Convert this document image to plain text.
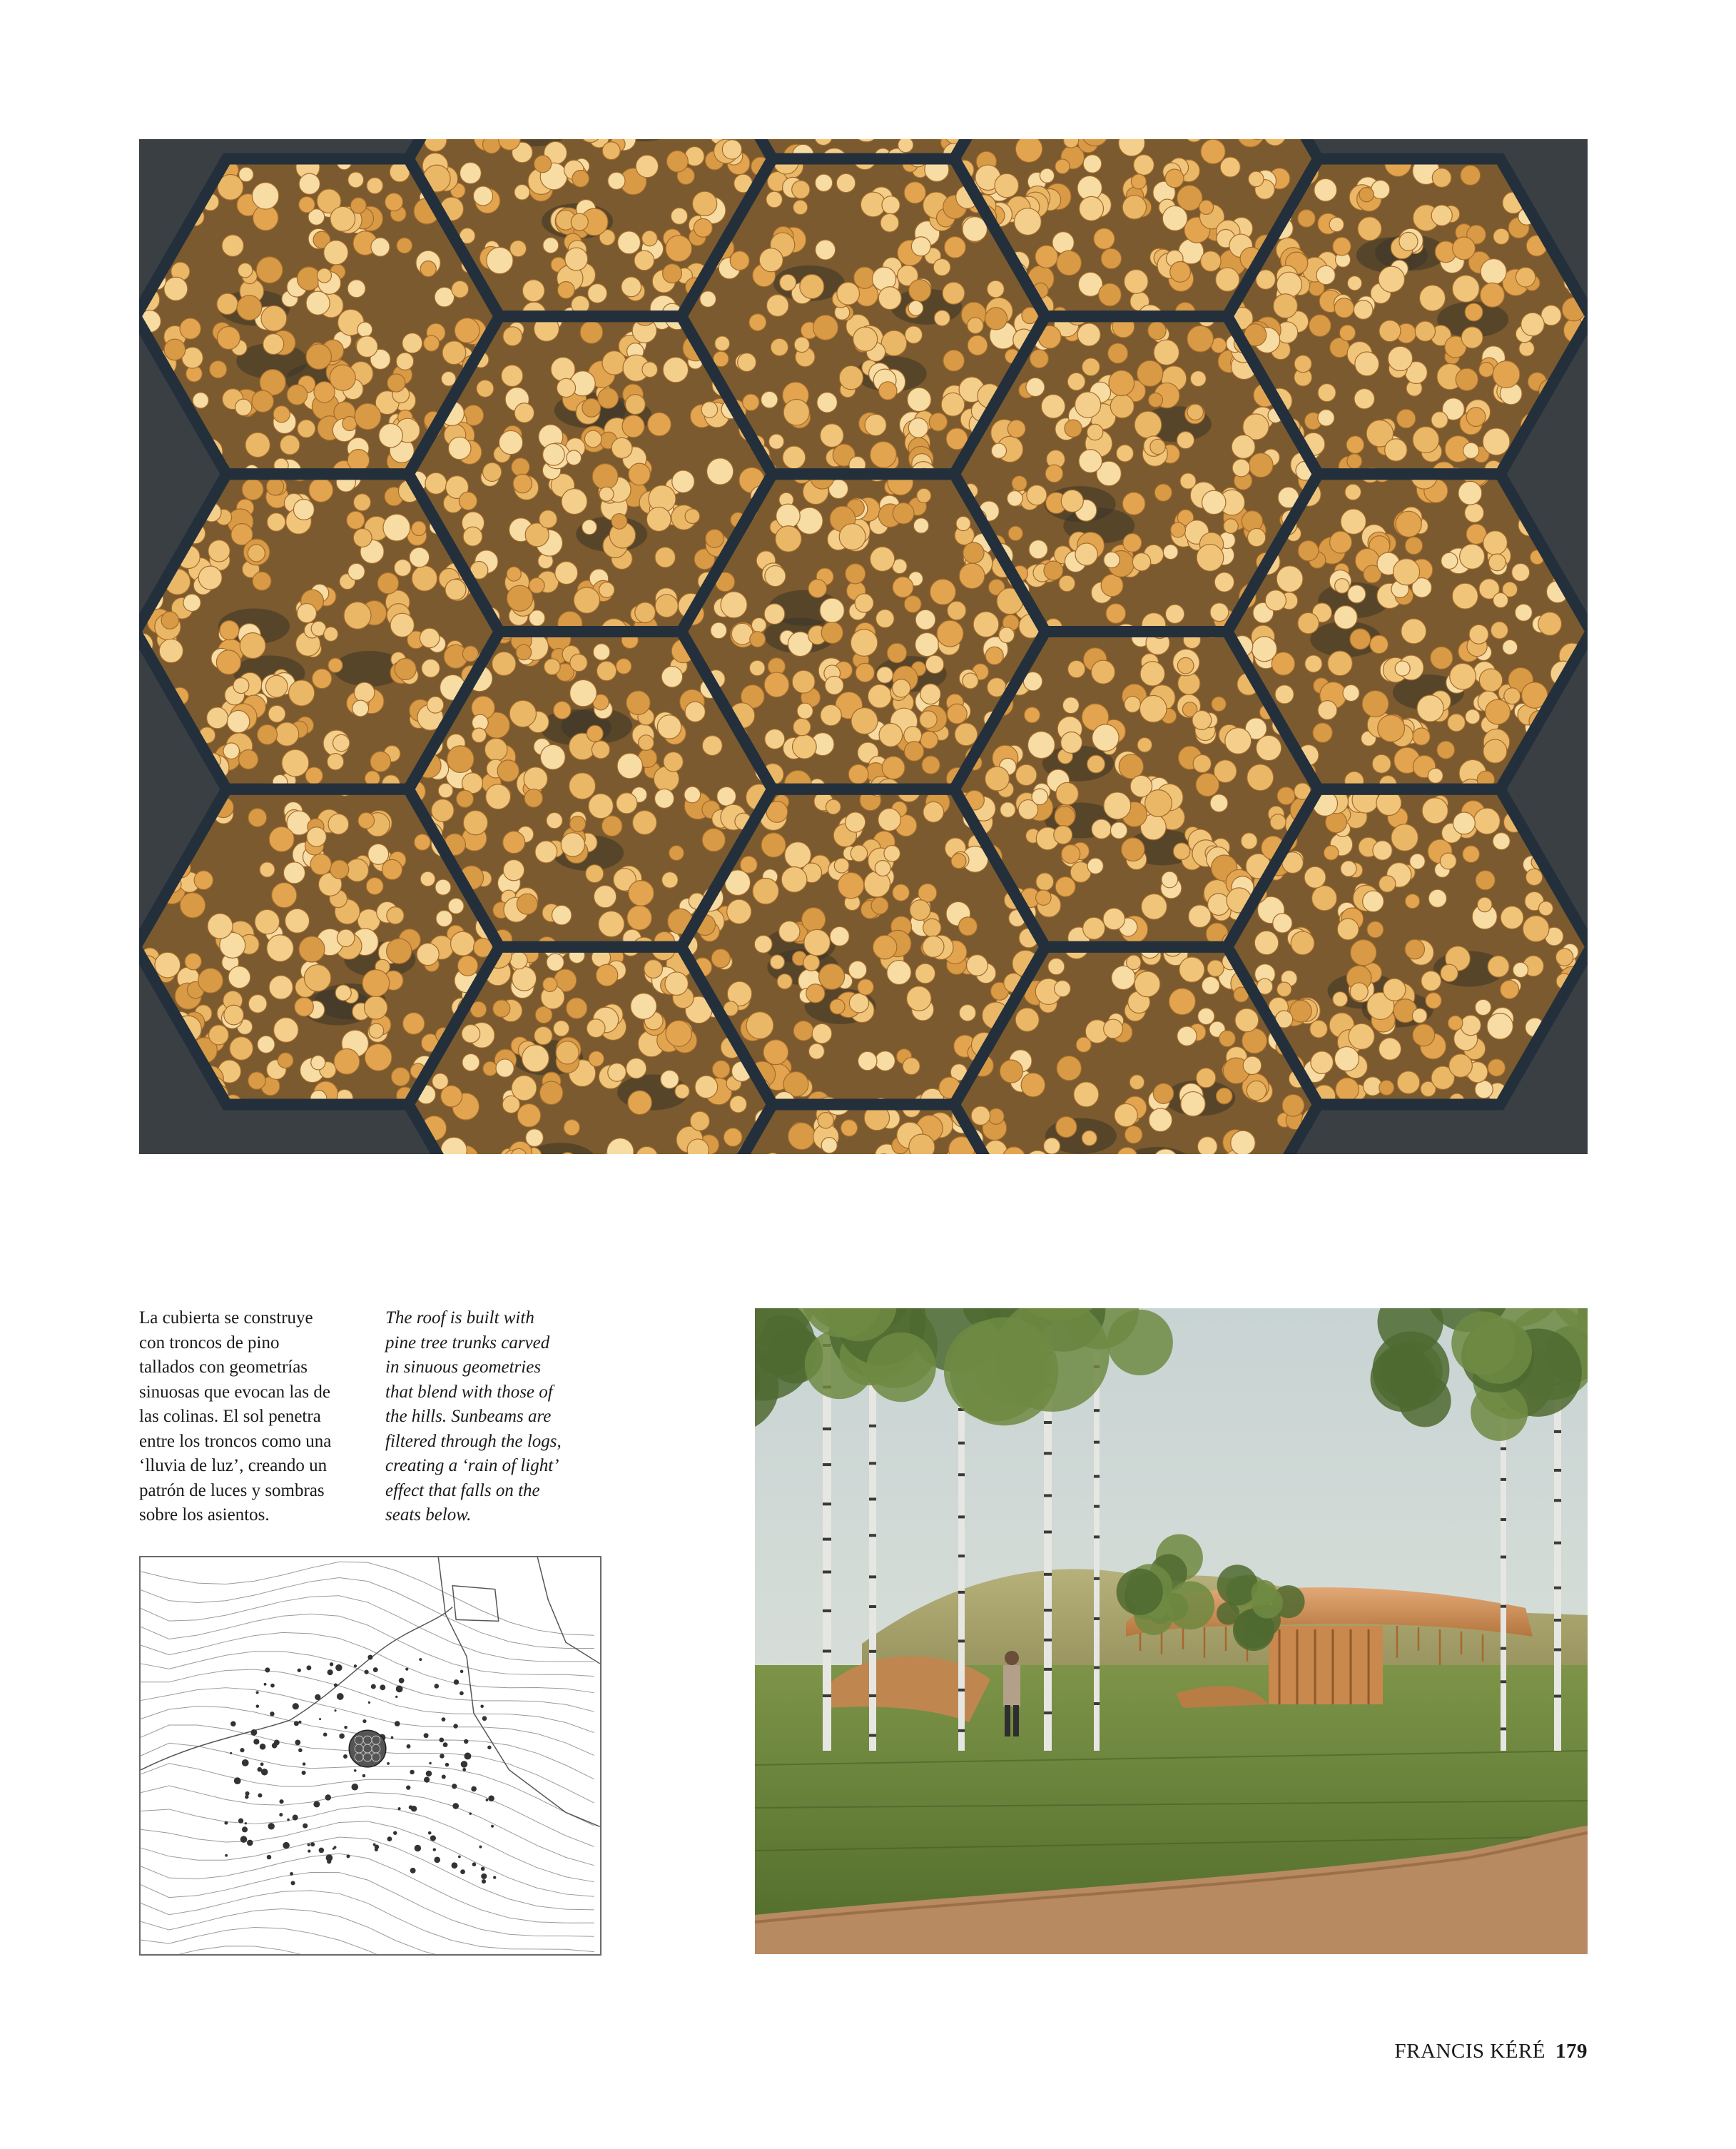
La cubierta se construye
con troncos de pino
tallados con geometrías
sinuosas que evocan las de
las colinas. El sol penetra
entre los troncos como una
‘lluvia de luz’, creando un
patrón de luces y sombras
sobre los asientos.
The roof is built with
pine tree trunks carved
in sinuous geometries
that blend with those of
the hills. Sunbeams are
filtered through the logs,
creating a ‘rain of light’
effect that falls on the
seats below.
FRANCIS KÉRÉ 179
